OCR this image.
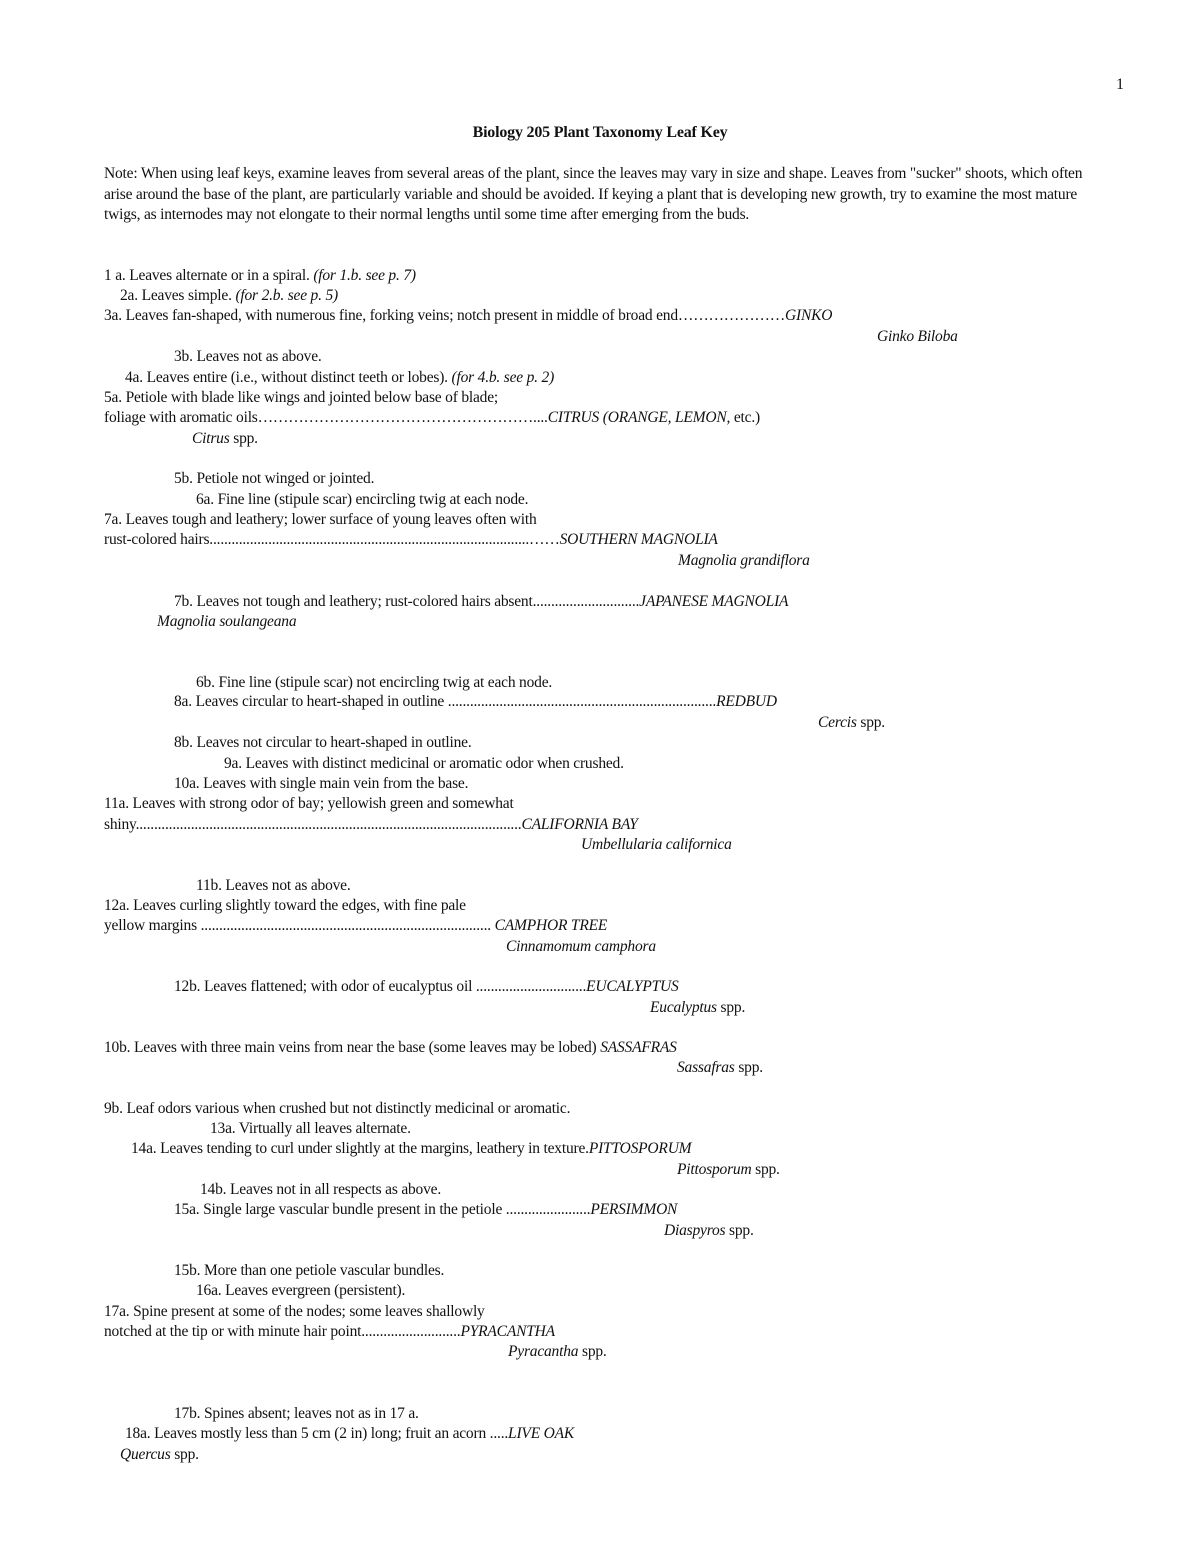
1
Biology 205 Plant Taxonomy Leaf Key
Note: When using leaf keys, examine leaves from several areas of the plant, since the leaves may vary in size and shape. Leaves from "sucker" shoots, which often arise around the base of the plant, are particularly variable and should be avoided. If keying a plant that is developing new growth, try to examine the most mature twigs, as internodes may not elongate to their normal lengths until some time after emerging from the buds.
1 a. Leaves alternate or in a spiral. (for 1.b. see p. 7)
2a. Leaves simple. (for 2.b. see p. 5)
3a. Leaves fan-shaped, with numerous fine, forking veins; notch present in middle of broad end…………………GINKO
Ginko Biloba
3b. Leaves not as above.
4a. Leaves entire (i.e., without distinct teeth or lobes). (for 4.b. see p. 2)
5a. Petiole with blade like wings and jointed below base of blade;
foliage with aromatic oils………………………………………………....CITRUS (ORANGE, LEMON, etc.)
Citrus spp.
5b. Petiole not winged or jointed.
6a. Fine line (stipule scar) encircling twig at each node.
7a. Leaves tough and leathery; lower surface of young leaves often with
rust-colored hairs.......................................................................................……SOUTHERN MAGNOLIA
Magnolia grandiflora
7b. Leaves not tough and leathery; rust-colored hairs absent.............................JAPANESE MAGNOLIA
Magnolia soulangeana
6b. Fine line (stipule scar) not encircling twig at each node.
8a. Leaves circular to heart-shaped in outline .........................................................................REDBUD
Cercis spp.
8b. Leaves not circular to heart-shaped in outline.
9a. Leaves with distinct medicinal or aromatic odor when crushed.
10a. Leaves with single main vein from the base.
11a. Leaves with strong odor of bay; yellowish green and somewhat
shiny.........................................................................................................CALIFORNIA BAY
Umbellularia californica
11b. Leaves not as above.
12a. Leaves curling slightly toward the edges, with fine pale
yellow margins ............................................................................... CAMPHOR TREE
Cinnamomum camphora
12b. Leaves flattened; with odor of eucalyptus oil ..............................EUCALYPTUS
Eucalyptus spp.
10b. Leaves with three main veins from near the base (some leaves may be lobed) SASSAFRAS
Sassafras spp.
9b. Leaf odors various when crushed but not distinctly medicinal or aromatic.
13a. Virtually all leaves alternate.
14a. Leaves tending to curl under slightly at the margins, leathery in texture.PITTOSPORUM
Pittosporum spp.
14b. Leaves not in all respects as above.
15a. Single large vascular bundle present in the petiole .......................PERSIMMON
Diaspyros spp.
15b. More than one petiole vascular bundles.
16a. Leaves evergreen (persistent).
17a. Spine present at some of the nodes; some leaves shallowly
notched at the tip or with minute hair point...........................PYRACANTHA
Pyracantha spp.
17b. Spines absent; leaves not as in 17 a.
18a. Leaves mostly less than 5 cm (2 in) long; fruit an acorn .....LIVE OAK
Quercus spp.
